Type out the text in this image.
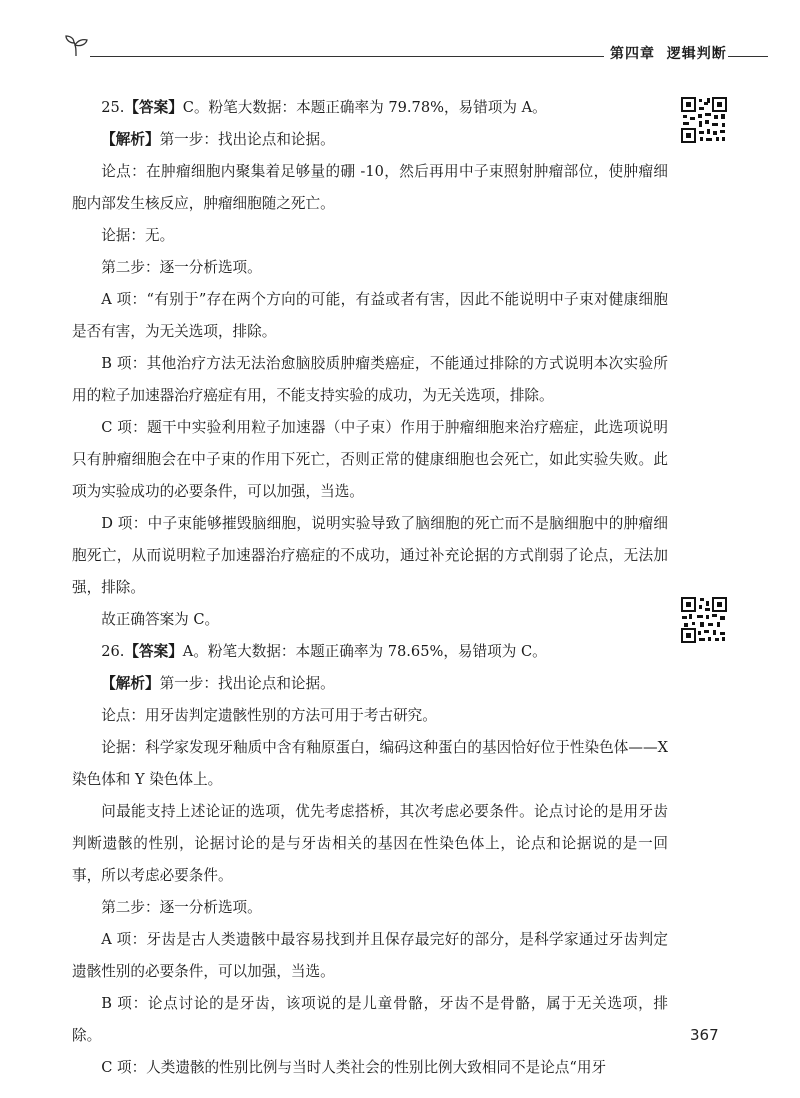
第四章 逻辑判断

25.【答案】C。粉笔大数据：本题正确率为 79.78%，易错项为 A。

【解析】第一步：找出论点和论据。

论点：在肿瘤细胞内聚集着足够量的硼 -10，然后再用中子束照射肿瘤部位，使肿瘤细胞内部发生核反应，肿瘤细胞随之死亡。

论据：无。

第二步：逐一分析选项。

A 项：“有别于”存在两个方向的可能，有益或者有害，因此不能说明中子束对健康细胞是否有害，为无关选项，排除。

B 项：其他治疗方法无法治愈脑胶质肿瘤类癌症，不能通过排除的方式说明本次实验所用的粒子加速器治疗癌症有用，不能支持实验的成功，为无关选项，排除。

C 项：题干中实验利用粒子加速器（中子束）作用于肿瘤细胞来治疗癌症，此选项说明只有肿瘤细胞会在中子束的作用下死亡，否则正常的健康细胞也会死亡，如此实验失败。此项为实验成功的必要条件，可以加强，当选。

D 项：中子束能够摧毁脑细胞，说明实验导致了脑细胞的死亡而不是脑细胞中的肿瘤细胞死亡，从而说明粒子加速器治疗癌症的不成功，通过补充论据的方式削弱了论点，无法加强，排除。

故正确答案为 C。

26.【答案】A。粉笔大数据：本题正确率为 78.65%，易错项为 C。

【解析】第一步：找出论点和论据。

论点：用牙齿判定遗骸性别的方法可用于考古研究。

论据：科学家发现牙釉质中含有釉原蛋白，编码这种蛋白的基因恰好位于性染色体——X 染色体和 Y 染色体上。

问最能支持上述论证的选项，优先考虑搭桥，其次考虑必要条件。论点讨论的是用牙齿判断遗骸的性别，论据讨论的是与牙齿相关的基因在性染色体上，论点和论据说的是一回事，所以考虑必要条件。

第二步：逐一分析选项。

A 项：牙齿是古人类遗骸中最容易找到并且保存最完好的部分，是科学家通过牙齿判定遗骸性别的必要条件，可以加强，当选。

B 项：论点讨论的是牙齿，该项说的是儿童骨骼，牙齿不是骨骼，属于无关选项，排除。

C 项：人类遗骸的性别比例与当时人类社会的性别比例大致相同不是论点“用牙

367
